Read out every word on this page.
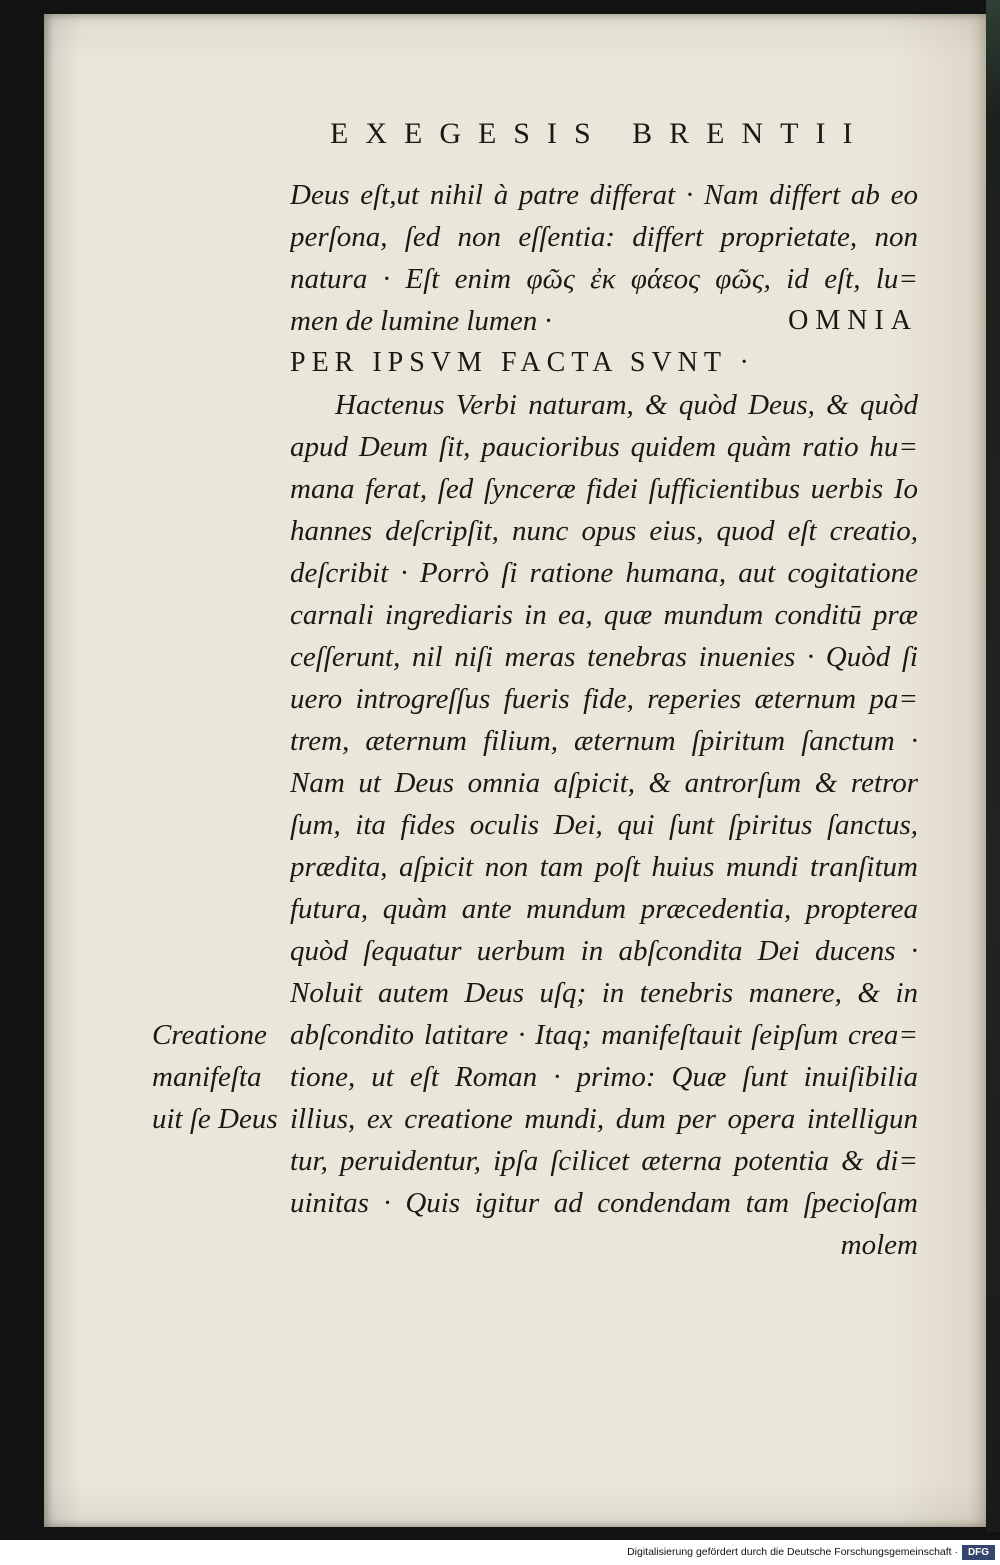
EXEGESIS BRENTII
Deus eſt,ut nihil à patre differat · Nam differt ab eo
perſona, ſed non eſſentia: differt proprietate, non
natura · Eſt enim φῶς ἐκ φάεος φῶς, id eſt, lu=
men de lumine lumen ·	OMNIA
PER IPSVM FACTA SVNT ·
Hactenus Verbi naturam, & quòd Deus, & quòd
apud Deum ſit, paucioribus quidem quàm ratio hu=
mana ferat, ſed ſynceræ fidei ſufficientibus uerbis Io
hannes deſcripſit, nunc opus eius, quod eſt creatio,
deſcribit · Porrò ſi ratione humana, aut cogitatione
carnali ingrediaris in ea, quæ mundum conditū præ
ceſſerunt, nil niſi meras tenebras inuenies · Quòd ſi
uero introgreſſus fueris fide, reperies æternum pa=
trem, æternum filium, æternum ſpiritum ſanctum ·
Nam ut Deus omnia aſpicit, & antrorſum & retror
ſum, ita fides oculis Dei, qui ſunt ſpiritus ſanctus,
prædita, aſpicit non tam poſt huius mundi tranſitum
futura, quàm ante mundum præcedentia, propterea
quòd ſequatur uerbum in abſcondita Dei ducens ·
Noluit autem Deus uſq; in tenebris manere, & in
abſcondito latitare · Itaq; manifeſtauit ſeipſum crea=
tione, ut eſt Roman · primo: Quæ ſunt inuiſibilia
illius, ex creatione mundi, dum per opera intelligun
tur, peruidentur, ipſa ſcilicet æterna potentia & di=
uinitas · Quis igitur ad condendam tam ſpecioſam
molem
Creatione
manifeſta
uit ſe Deus
Digitalisierung gefördert durch die Deutsche Forschungsgemeinschaft · DFG
